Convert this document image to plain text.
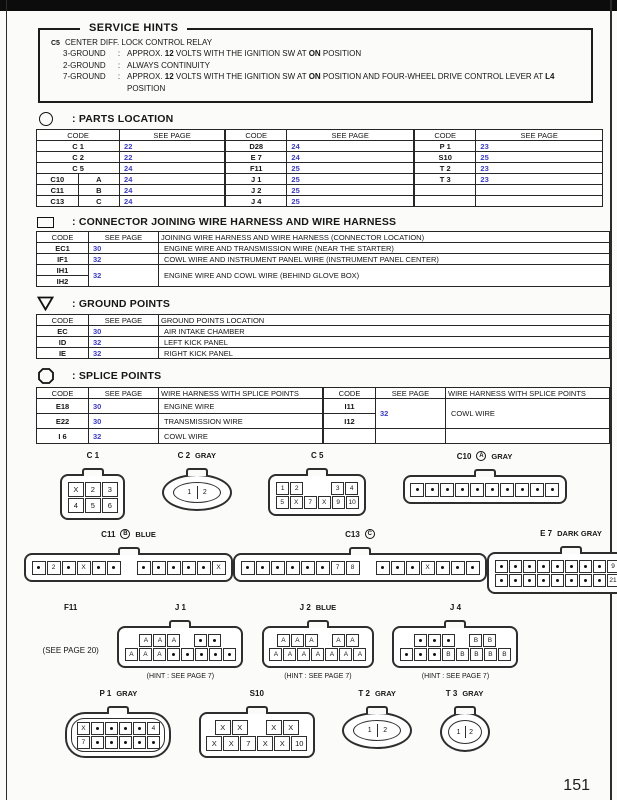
SERVICE HINTS
C5 CENTER DIFF. LOCK CONTROL RELAY
3-GROUND	: APPROX. 12 VOLTS WITH THE IGNITION SW AT ON POSITION
2-GROUND	: ALWAYS CONTINUITY
7-GROUND	: APPROX. 12 VOLTS WITH THE IGNITION SW AT ON POSITION AND FOUR-WHEEL DRIVE CONTROL LEVER AT L4 POSITION
: PARTS LOCATION
CODE		SEE PAGE
C 1		22
C 2		22
C 5		24
C10	A	24
C11	B	24
C13	C	24
CODE	SEE PAGE
D28	24
E 7	24
F11	25
J 1	25
J 2	25
J 4	25
CODE	SEE PAGE
P 1	23
S10	25
T 2	23
T 3	23

: CONNECTOR JOINING WIRE HARNESS AND WIRE HARNESS
CODE	SEE PAGE	JOINING WIRE HARNESS AND WIRE HARNESS (CONNECTOR LOCATION)
EC1	30	ENGINE WIRE AND TRANSMISSION WIRE (NEAR THE STARTER)
IF1	32	COWL WIRE AND INSTRUMENT PANEL WIRE (INSTRUMENT PANEL CENTER)
IH1	32	ENGINE WIRE AND COWL WIRE (BEHIND GLOVE BOX)
IH2		
: GROUND POINTS
CODE	SEE PAGE	GROUND POINTS LOCATION
EC	30	AIR INTAKE CHAMBER
ID	32	LEFT KICK PANEL
IE	32	RIGHT KICK PANEL
: SPLICE POINTS
CODE	SEE PAGE	WIRE HARNESS WITH SPLICE POINTS
E18	30	ENGINE WIRE
E22	30	TRANSMISSION WIRE
I 6	32	COWL WIRE
CODE	SEE PAGE	WIRE HARNESS WITH SPLICE POINTS
I11	32	COWL WIRE
I12		

C 1
X	2	3
4	5	6
C 2 GRAY
1	2
C 5
1	2	3	4
5	X	7	X	9	10
C10	A	GRAY
C11	B	BLUE
2	X	X
C13	C
7	8	X
E 7 DARK GRAY
9
21
F11
(SEE PAGE 20)
J 1
A	A	A
A	A	A
(HINT : SEE PAGE 7)
J 2 BLUE
A	A	A	A	A
A	A	A	A	A	A	A
(HINT : SEE PAGE 7)
J 4
B	B
B	B	B	B	B
(HINT : SEE PAGE 7)
P 1 GRAY
X	4
7
S10
X	X	X	X
X	X	7	X	X	10
T 2 GRAY
1	2
T 3 GRAY
1	2
151
